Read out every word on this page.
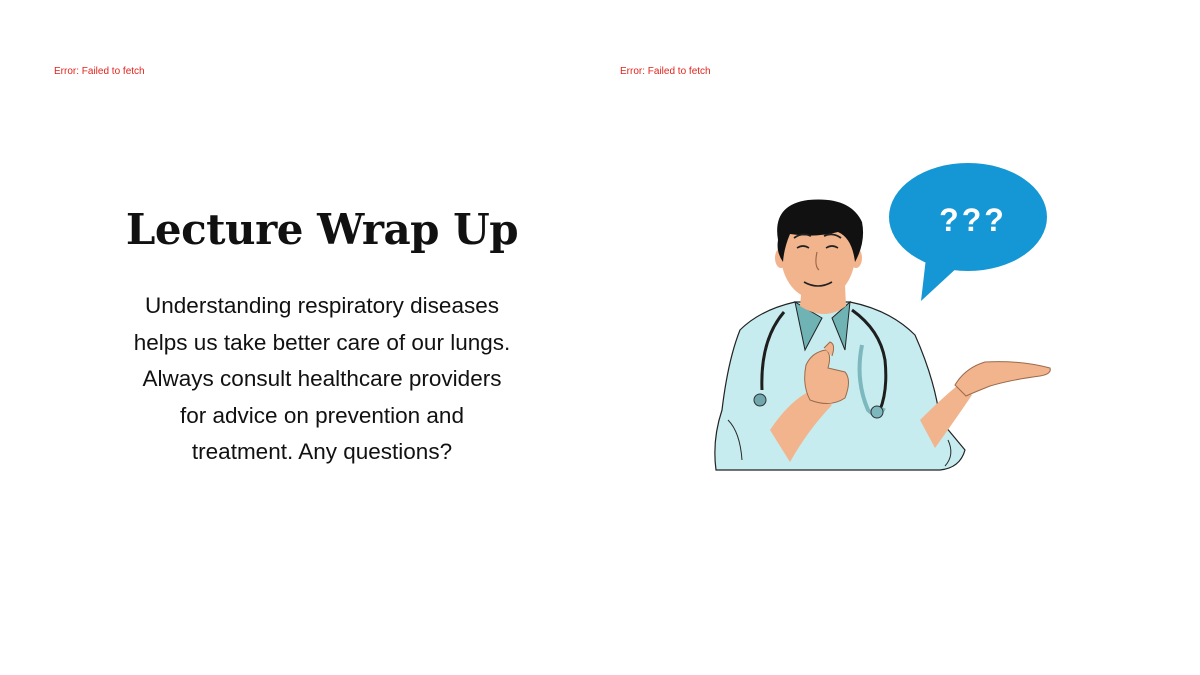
Error: Failed to fetch	Error: Failed to fetch
Lecture Wrap Up
Understanding respiratory diseases
helps us take better care of our lungs.
Always consult healthcare providers
for advice on prevention and
treatment. Any questions?
???
